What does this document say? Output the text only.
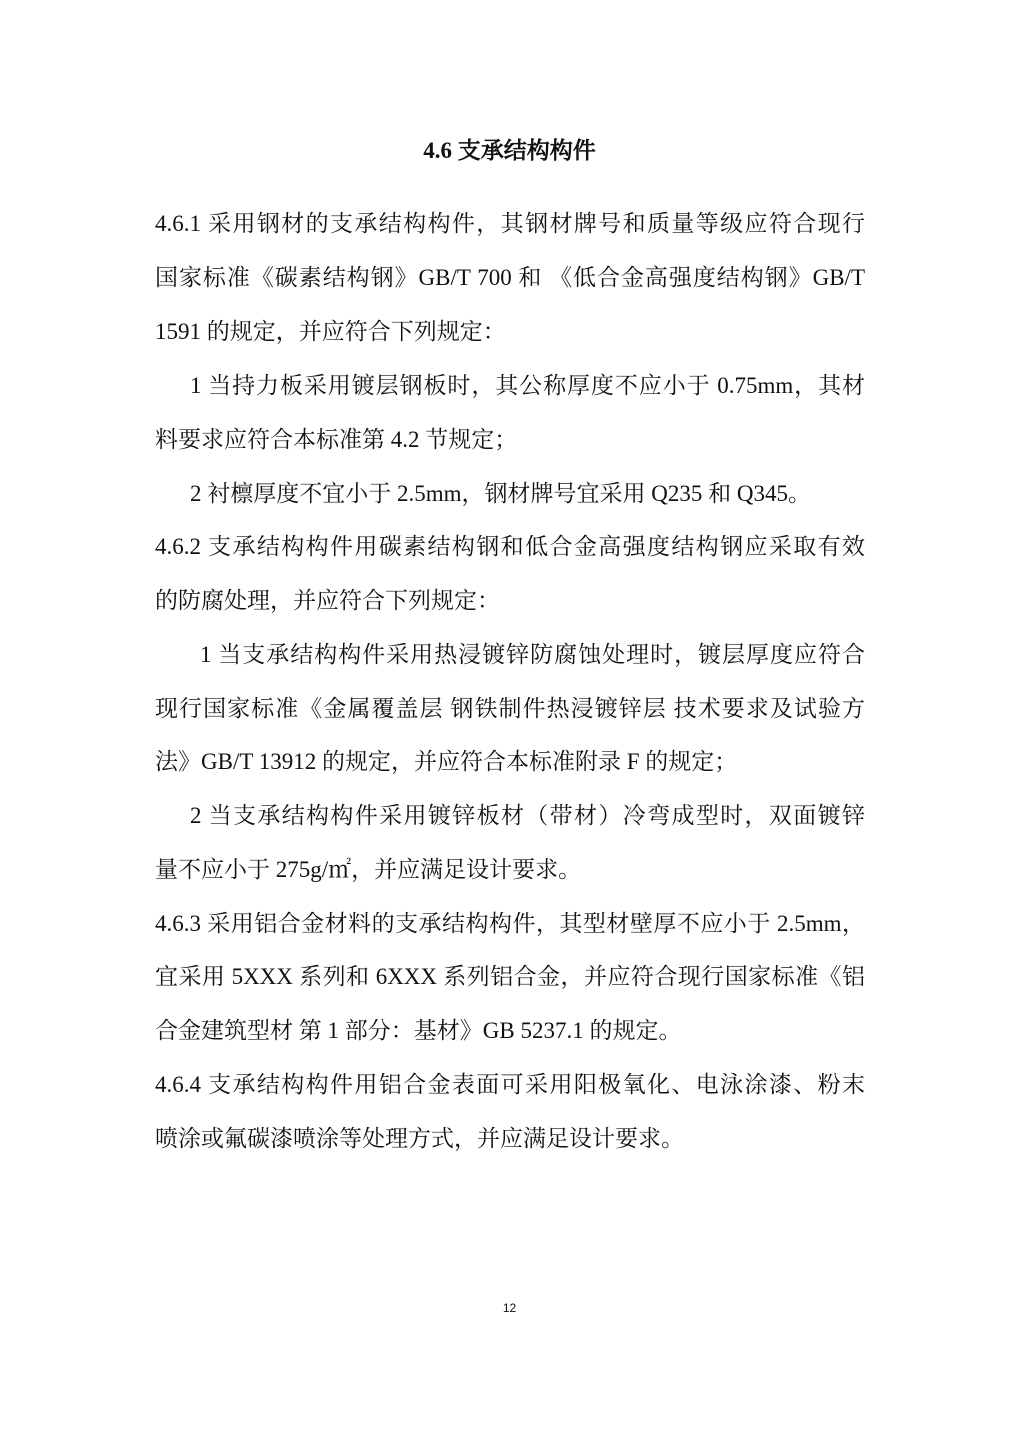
4.6 支承结构构件

4.6.1 采用钢材的支承结构构件，其钢材牌号和质量等级应符合现行

国家标准《碳素结构钢》GB/T 700 和 《低合金高强度结构钢》GB/T

1591 的规定，并应符合下列规定：

1 当持力板采用镀层钢板时，其公称厚度不应小于 0.75mm，其材

料要求应符合本标准第 4.2 节规定；

2 衬檩厚度不宜小于 2.5mm，钢材牌号宜采用 Q235 和 Q345。

4.6.2 支承结构构件用碳素结构钢和低合金高强度结构钢应采取有效

的防腐处理，并应符合下列规定：

1 当支承结构构件采用热浸镀锌防腐蚀处理时，镀层厚度应符合

现行国家标准《金属覆盖层 钢铁制件热浸镀锌层 技术要求及试验方

法》GB/T 13912 的规定，并应符合本标准附录 F 的规定；

2 当支承结构构件采用镀锌板材（带材）冷弯成型时，双面镀锌

量不应小于 275g/㎡，并应满足设计要求。

4.6.3 采用铝合金材料的支承结构构件，其型材壁厚不应小于 2.5mm，

宜采用 5XXX 系列和 6XXX 系列铝合金，并应符合现行国家标准《铝

合金建筑型材 第 1 部分：基材》GB 5237.1 的规定。

4.6.4 支承结构构件用铝合金表面可采用阳极氧化、电泳涂漆、粉末

喷涂或氟碳漆喷涂等处理方式，并应满足设计要求。

12
